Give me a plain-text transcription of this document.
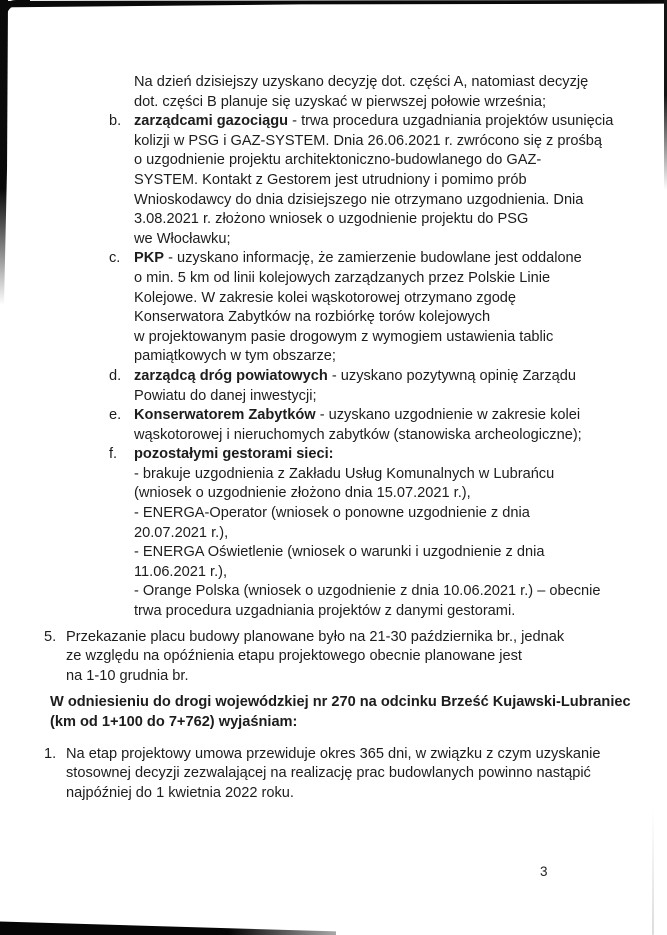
Na dzień dzisiejszy uzyskano decyzję dot. części A, natomiast decyzję
dot. części B planuje się uzyskać w pierwszej połowie września;
b. zarządcami gazociągu - trwa procedura uzgadniania projektów usunięcia
kolizji w PSG i GAZ-SYSTEM. Dnia 26.06.2021 r. zwrócono się z prośbą
o uzgodnienie projektu architektoniczno-budowlanego do GAZ-
SYSTEM. Kontakt z Gestorem jest utrudniony i pomimo prób
Wnioskodawcy do dnia dzisiejszego nie otrzymano uzgodnienia. Dnia
3.08.2021 r. złożono wniosek o uzgodnienie projektu do PSG
we Włocławku;
c. PKP - uzyskano informację, że zamierzenie budowlane jest oddalone
o min. 5 km od linii kolejowych zarządzanych przez Polskie Linie
Kolejowe. W zakresie kolei wąskotorowej otrzymano zgodę
Konserwatora Zabytków na rozbiórkę torów kolejowych
w projektowanym pasie drogowym z wymogiem ustawienia tablic
pamiątkowych w tym obszarze;
d. zarządcą dróg powiatowych - uzyskano pozytywną opinię Zarządu
Powiatu do danej inwestycji;
e. Konserwatorem Zabytków - uzyskano uzgodnienie w zakresie kolei
wąskotorowej i nieruchomych zabytków (stanowiska archeologiczne);
f. pozostałymi gestorami sieci:
- brakuje uzgodnienia z Zakładu Usług Komunalnych w Lubrańcu
(wniosek o uzgodnienie złożono dnia 15.07.2021 r.),
- ENERGA-Operator (wniosek o ponowne uzgodnienie z dnia
20.07.2021 r.),
- ENERGA Oświetlenie (wniosek o warunki i uzgodnienie z dnia
11.06.2021 r.),
- Orange Polska (wniosek o uzgodnienie z dnia 10.06.2021 r.) – obecnie
trwa procedura uzgadniania projektów z danymi gestorami.
5. Przekazanie placu budowy planowane było na 21-30 października br., jednak
ze względu na opóźnienia etapu projektowego obecnie planowane jest
na 1-10 grudnia br.
W odniesieniu do drogi wojewódzkiej nr 270 na odcinku Brześć Kujawski-Lubraniec
(km od 1+100 do 7+762) wyjaśniam:
1. Na etap projektowy umowa przewiduje okres 365 dni, w związku z czym uzyskanie
stosownej decyzji zezwalającej na realizację prac budowlanych powinno nastąpić
najpóźniej do 1 kwietnia 2022 roku.
3
